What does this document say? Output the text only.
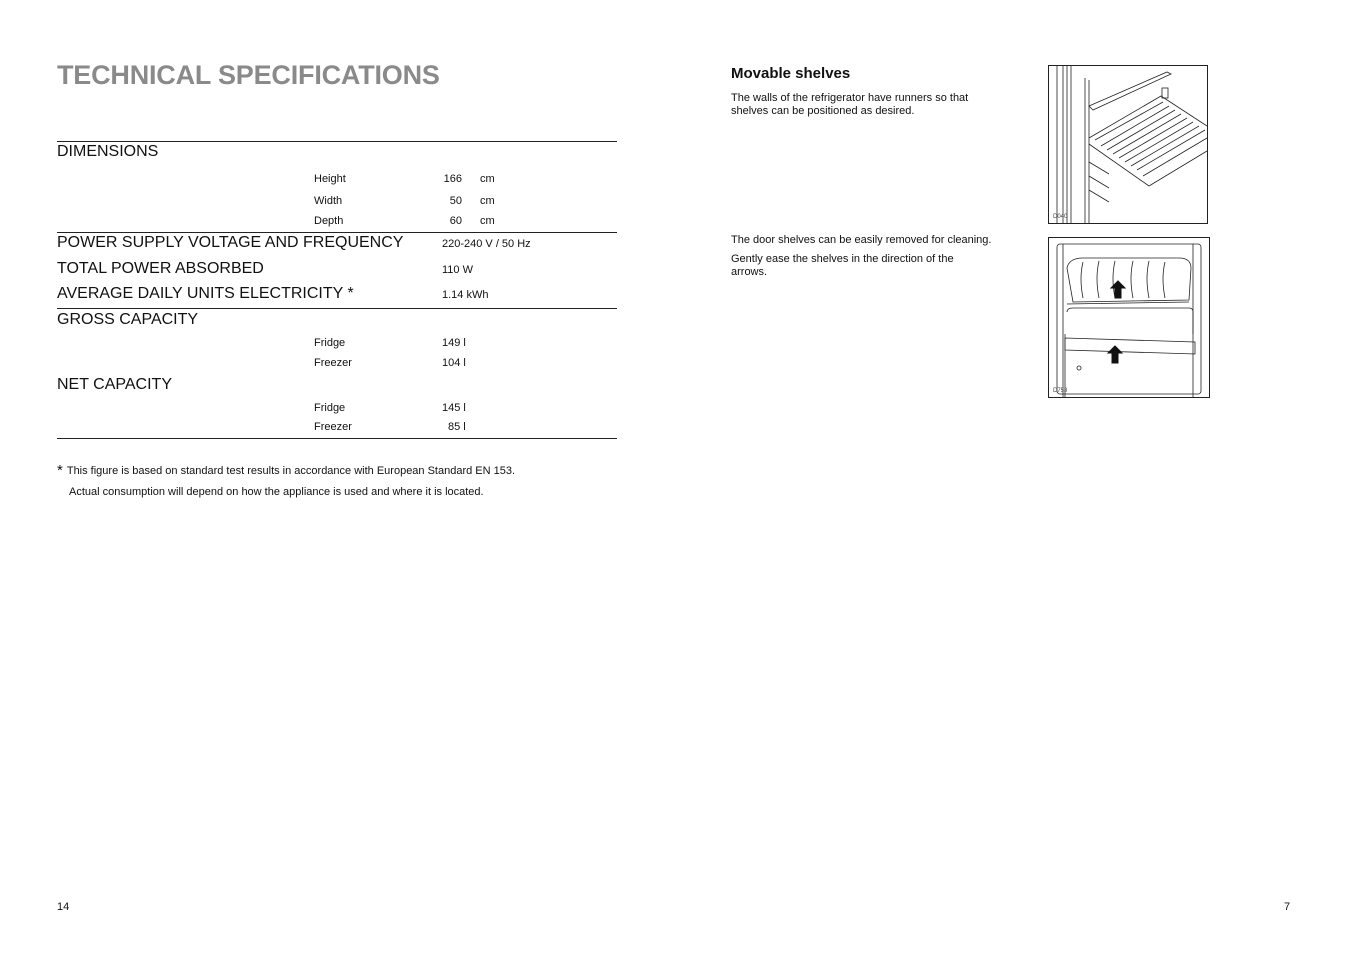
TECHNICAL SPECIFICATIONS
DIMENSIONS
Height	166 cm
Width	50 cm
Depth	60 cm
POWER SUPPLY VOLTAGE AND FREQUENCY	220-240 V / 50 Hz
TOTAL POWER ABSORBED	110 W
AVERAGE DAILY UNITS ELECTRICITY *	1.14 kWh
GROSS CAPACITY
Fridge	149 l
Freezer	104 l
NET CAPACITY
Fridge	145 l
Freezer	85 l
* This figure is based on standard test results in accordance with European Standard EN 153.
Actual consumption will depend on how the appliance is used and where it is located.
14
Movable shelves

The walls of the refrigerator have runners so that shelves can be positioned as desired.

The door shelves can be easily removed for cleaning.

Gently ease the shelves in the direction of the arrows.

D040
D758
7
